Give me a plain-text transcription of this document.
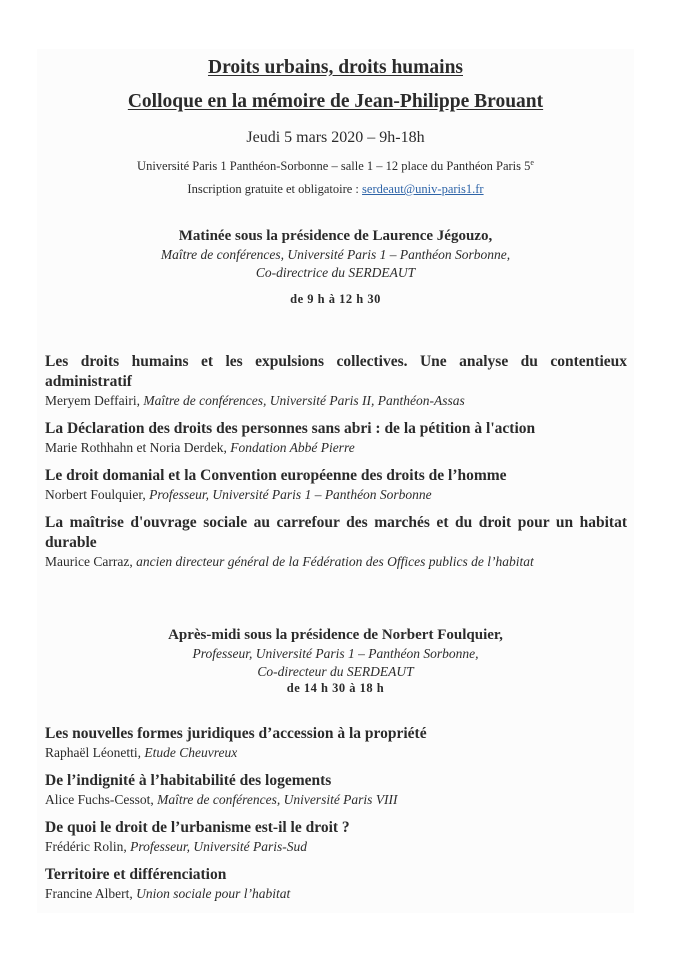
Droits urbains, droits humains
Colloque en la mémoire de Jean-Philippe Brouant
Jeudi 5 mars 2020 – 9h-18h
Université Paris 1 Panthéon-Sorbonne – salle 1 – 12 place du Panthéon Paris 5e
Inscription gratuite et obligatoire : serdeaut@univ-paris1.fr
Matinée sous la présidence de Laurence Jégouzo,
Maître de conférences, Université Paris 1 – Panthéon Sorbonne,
Co-directrice du SERDEAUT
de 9 h à 12 h 30
Les droits humains et les expulsions collectives. Une analyse du contentieux administratif
Meryem Deffairi, Maître de conférences, Université Paris II, Panthéon-Assas
La Déclaration des droits des personnes sans abri : de la pétition à l'action
Marie Rothhahn et Noria Derdek, Fondation Abbé Pierre
Le droit domanial et la Convention européenne des droits de l’homme
Norbert Foulquier, Professeur, Université Paris 1 – Panthéon Sorbonne
La maîtrise d'ouvrage sociale au carrefour des marchés et du droit pour un habitat durable
Maurice Carraz, ancien directeur général de la Fédération des Offices publics de l’habitat
Après-midi sous la présidence de Norbert Foulquier,
Professeur, Université Paris 1 – Panthéon Sorbonne,
Co-directeur du SERDEAUT
de 14 h 30 à 18 h
Les nouvelles formes juridiques d’accession à la propriété
Raphaël Léonetti, Etude Cheuvreux
De l’indignité à l’habitabilité des logements
Alice Fuchs-Cessot, Maître de conférences, Université Paris VIII
De quoi le droit de l’urbanisme est-il le droit ?
Frédéric Rolin, Professeur, Université Paris-Sud
Territoire et différenciation
Francine Albert, Union sociale pour l’habitat
